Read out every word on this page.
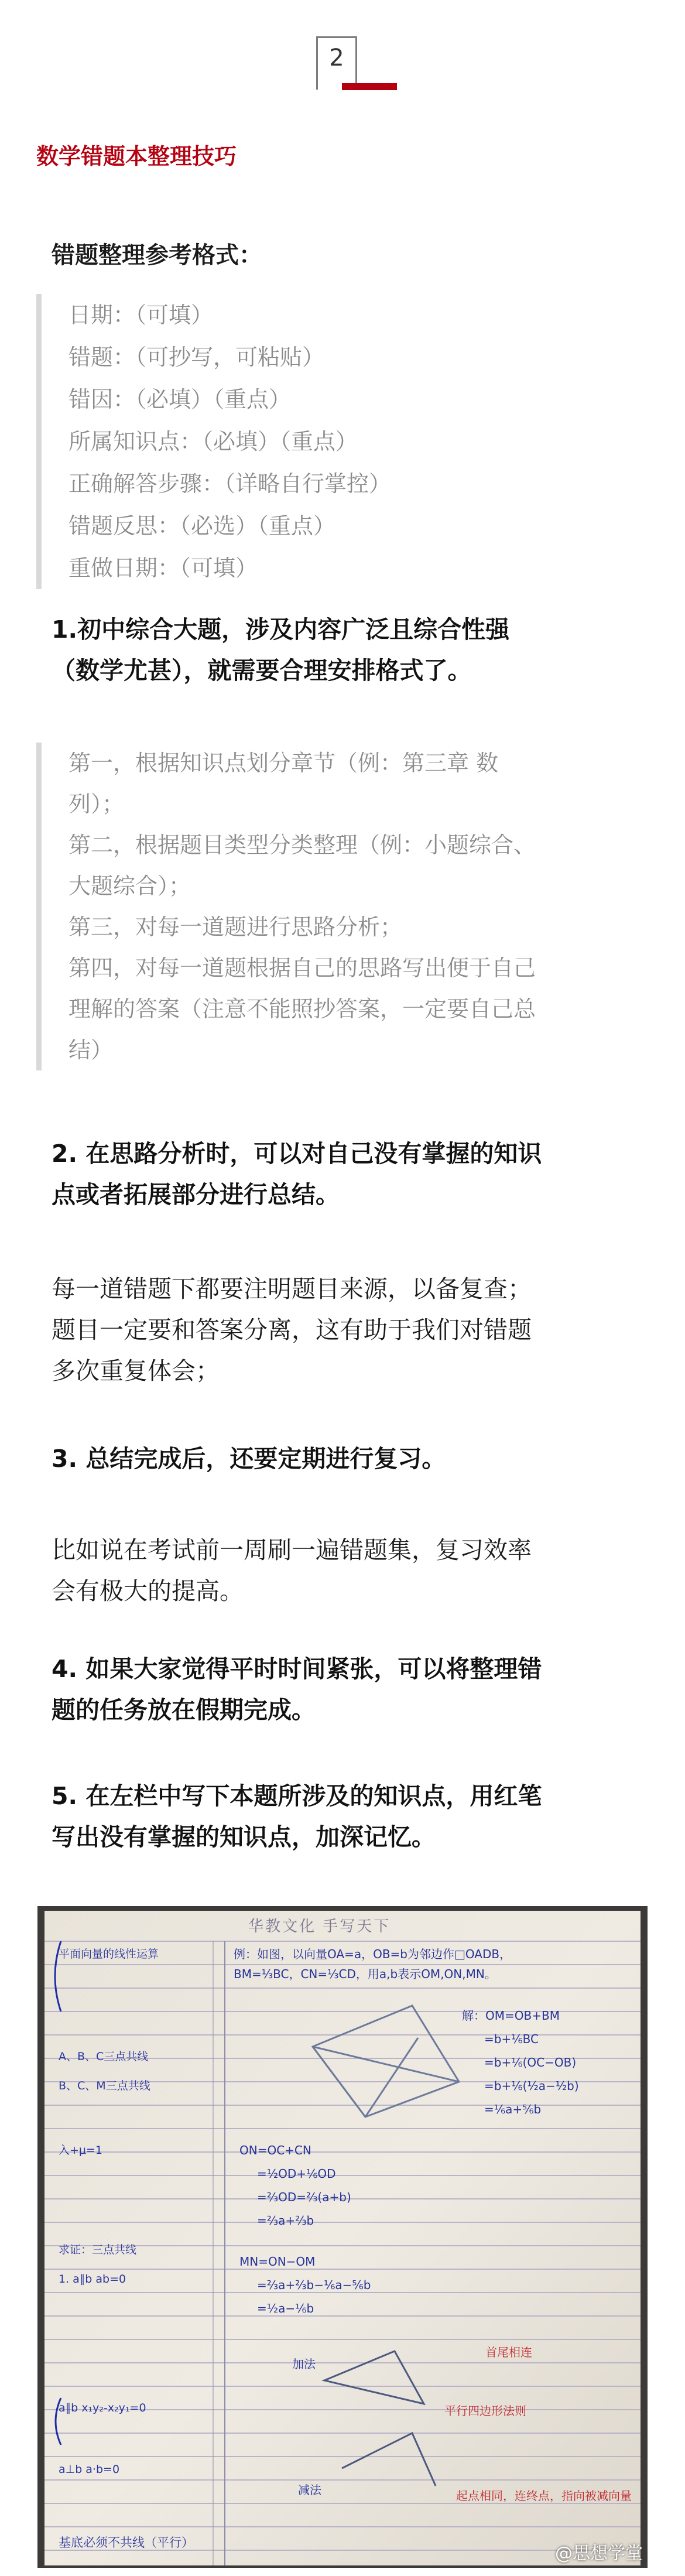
2
数学错题本整理技巧
错题整理参考格式：
日期：（可填）
错题：（可抄写，可粘贴）
错因：（必填）（重点）
所属知识点：（必填）（重点）
正确解答步骤：（详略自行掌控）
错题反思：（必选）（重点）
重做日期：（可填）
1.初中综合大题，涉及内容广泛且综合性强
（数学尤甚），就需要合理安排格式了。
第一，根据知识点划分章节（例：第三章 数
列）；
第二，根据题目类型分类整理（例：小题综合、
大题综合）；
第三，对每一道题进行思路分析；
第四，对每一道题根据自己的思路写出便于自己
理解的答案（注意不能照抄答案，一定要自己总
结）
2. 在思路分析时，可以对自己没有掌握的知识
点或者拓展部分进行总结。
每一道错题下都要注明题目来源，以备复查；
题目一定要和答案分离，这有助于我们对错题
多次重复体会；
3. 总结完成后，还要定期进行复习。
比如说在考试前一周刷一遍错题集，复习效率
会有极大的提高。
4. 如果大家觉得平时时间紧张，可以将整理错
题的任务放在假期完成。
5. 在左栏中写下本题所涉及的知识点，用红笔
写出没有掌握的知识点，加深记忆。
华教文化 手写天下
平面向量的线性运算
A、B、C三点共线
B、C、M三点共线
入+μ=1
求证：三点共线
1. a∥b ab=0
a∥b x₁y₂-x₂y₁=0
a⊥b a·b=0
基底必须不共线（平行）
例：如图，以向量OA=a，OB=b为邻边作□OADB，
BM=⅓BC，CN=⅓CD，用a,b表示OM,ON,MN。
解：OM=OB+BM
=b+⅙BC
=b+⅙(OC−OB)
=b+⅙(½a−½b)
=⅙a+⅚b
ON=OC+CN
=½OD+⅙OD
=⅔OD=⅔(a+b)
=⅔a+⅔b
MN=ON−OM
=⅔a+⅔b−⅙a−⅚b
=½a−⅙b
加法
减法
首尾相连
平行四边形法则
起点相同，连终点，指向被减向量
@思想学堂
